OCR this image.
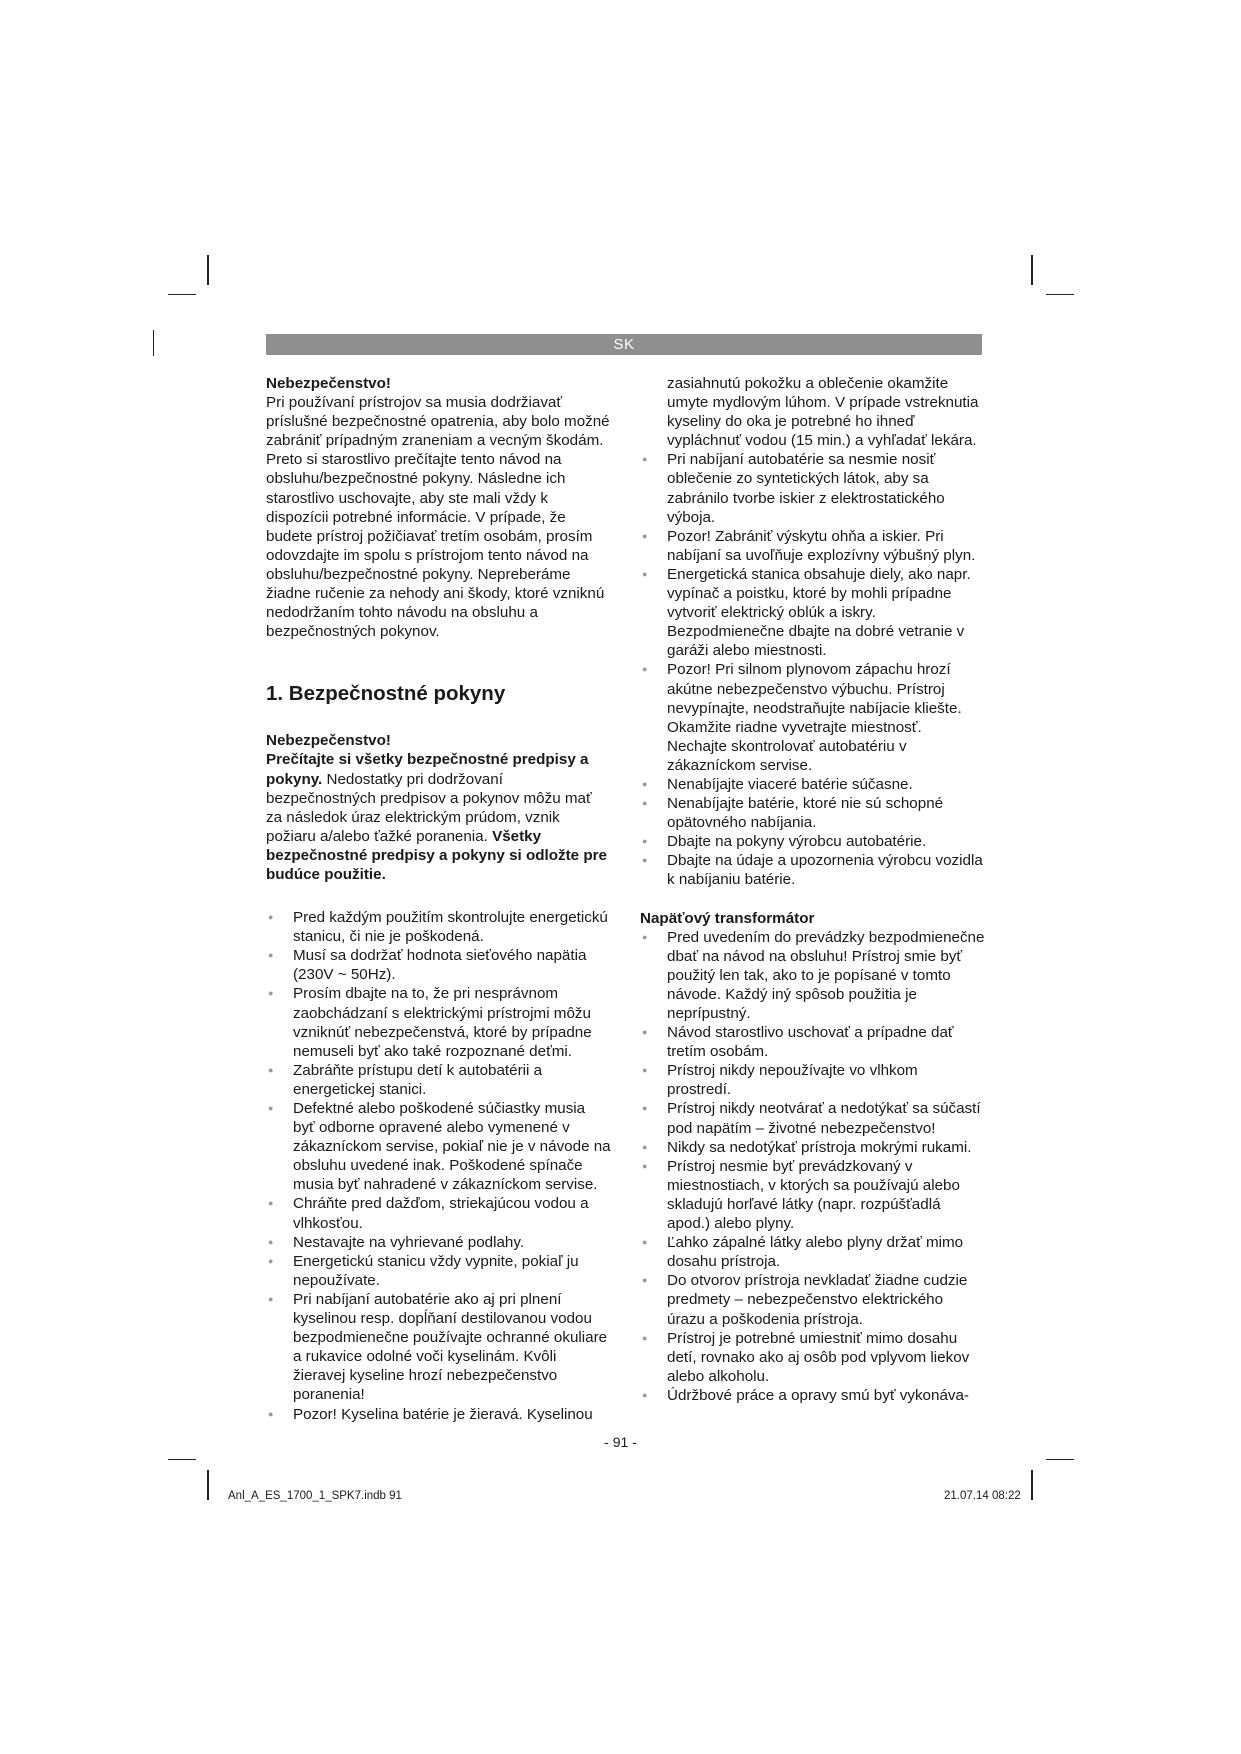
SK

Nebezpečenstvo!

Pri používaní prístrojov sa musia dodržiavať príslušné bezpečnostné opatrenia, aby bolo možné zabrániť prípadným zraneniam a vecným škodám. Preto si starostlivo prečítajte tento návod na obsluhu/bezpečnostné pokyny. Následne ich starostlivo uschovajte, aby ste mali vždy k dispozícii potrebné informácie. V prípade, že budete prístroj požičiavať tretím osobám, prosím odovzdajte im spolu s prístrojom tento návod na obsluhu/bezpečnostné pokyny. Nepreberáme žiadne ručenie za nehody ani škody, ktoré vzniknú nedodržaním tohto návodu na obsluhu a bezpečnostných pokynov.

1. Bezpečnostné pokyny

Nebezpečenstvo!

Prečítajte si všetky bezpečnostné predpisy a pokyny. Nedostatky pri dodržovaní bezpečnostných predpisov a pokynov môžu mať za následok úraz elektrickým prúdom, vznik požiaru a/alebo ťažké poranenia. Všetky bezpečnostné predpisy a pokyny si odložte pre budúce použitie.

● Pred každým použitím skontrolujte energetickú stanicu, či nie je poškodená.
● Musí sa dodržať hodnota sieťového napätia (230V ~ 50Hz).
● Prosím dbajte na to, že pri nesprávnom zaobchádzaní s elektrickými prístrojmi môžu vzniknúť nebezpečenstvá, ktoré by prípadne nemuseli byť ako také rozpoznané deťmi.
● Zabráňte prístupu detí k autobatérii a energetickej stanici.
● Defektné alebo poškodené súčiastky musia byť odborne opravené alebo vymenené v zákazníckom servise, pokiaľ nie je v návode na obsluhu uvedené inak. Poškodené spínače musia byť nahradené v zákazníckom servise.
● Chráňte pred dažďom, striekajúcou vodou a vlhkosťou.
● Nestavajte na vyhrievané podlahy.
● Energetickú stanicu vždy vypnite, pokiaľ ju nepoužívate.
● Pri nabíjaní autobatérie ako aj pri plnení kyselinou resp. dopĺňaní destilovanou vodou bezpodmienečne používajte ochranné okuliare a rukavice odolné voči kyselinám. Kvôli žieravej kyseline hrozí nebezpečenstvo poranenia!
● Pozor! Kyselina batérie je žieravá. Kyselinou

zasiahnutú pokožku a oblečenie okamžite umyte mydlovým lúhom. V prípade vstreknutia kyseliny do oka je potrebné ho ihneď vypláchnuť vodou (15 min.) a vyhľadať lekára.

● Pri nabíjaní autobatérie sa nesmie nosiť oblečenie zo syntetických látok, aby sa zabránilo tvorbe iskier z elektrostatického výboja.
● Pozor! Zabrániť výskytu ohňa a iskier. Pri nabíjaní sa uvoľňuje explozívny výbušný plyn.
● Energetická stanica obsahuje diely, ako napr. vypínač a poistku, ktoré by mohli prípadne vytvoriť elektrický oblúk a iskry. Bezpodmienečne dbajte na dobré vetranie v garáži alebo miestnosti.
● Pozor! Pri silnom plynovom zápachu hrozí akútne nebezpečenstvo výbuchu. Prístroj nevypínajte, neodstraňujte nabíjacie kliešte. Okamžite riadne vyvetrajte miestnosť. Nechajte skontrolovať autobatériu v zákazníckom servise.
● Nenabíjajte viaceré batérie súčasne.
● Nenabíjajte batérie, ktoré nie sú schopné opätovného nabíjania.
● Dbajte na pokyny výrobcu autobatérie.
● Dbajte na údaje a upozornenia výrobcu vozidla k nabíjaniu batérie.

Napäťový transformátor

● Pred uvedením do prevádzky bezpodmienečne dbať na návod na obsluhu! Prístroj smie byť použitý len tak, ako to je popísané v tomto návode. Každý iný spôsob použitia je neprípustný.
● Návod starostlivo uschovať a prípadne dať tretím osobám.
● Prístroj nikdy nepoužívajte vo vlhkom prostredí.
● Prístroj nikdy neotvárať a nedotýkať sa súčastí pod napätím – životné nebezpečenstvo!
● Nikdy sa nedotýkať prístroja mokrými rukami.
● Prístroj nesmie byť prevádzkovaný v miestnostiach, v ktorých sa používajú alebo skladujú horľavé látky (napr. rozpúšťadlá apod.) alebo plyny.
● Ľahko zápalné látky alebo plyny držať mimo dosahu prístroja.
● Do otvorov prístroja nevkladať žiadne cudzie predmety – nebezpečenstvo elektrického úrazu a poškodenia prístroja.
● Prístroj je potrebné umiestniť mimo dosahu detí, rovnako ako aj osôb pod vplyvom liekov alebo alkoholu.
● Údržbové práce a opravy smú byť vykonáva-
- 91 -
Anl_A_ES_1700_1_SPK7.indb 91	21.07.14 08:22
